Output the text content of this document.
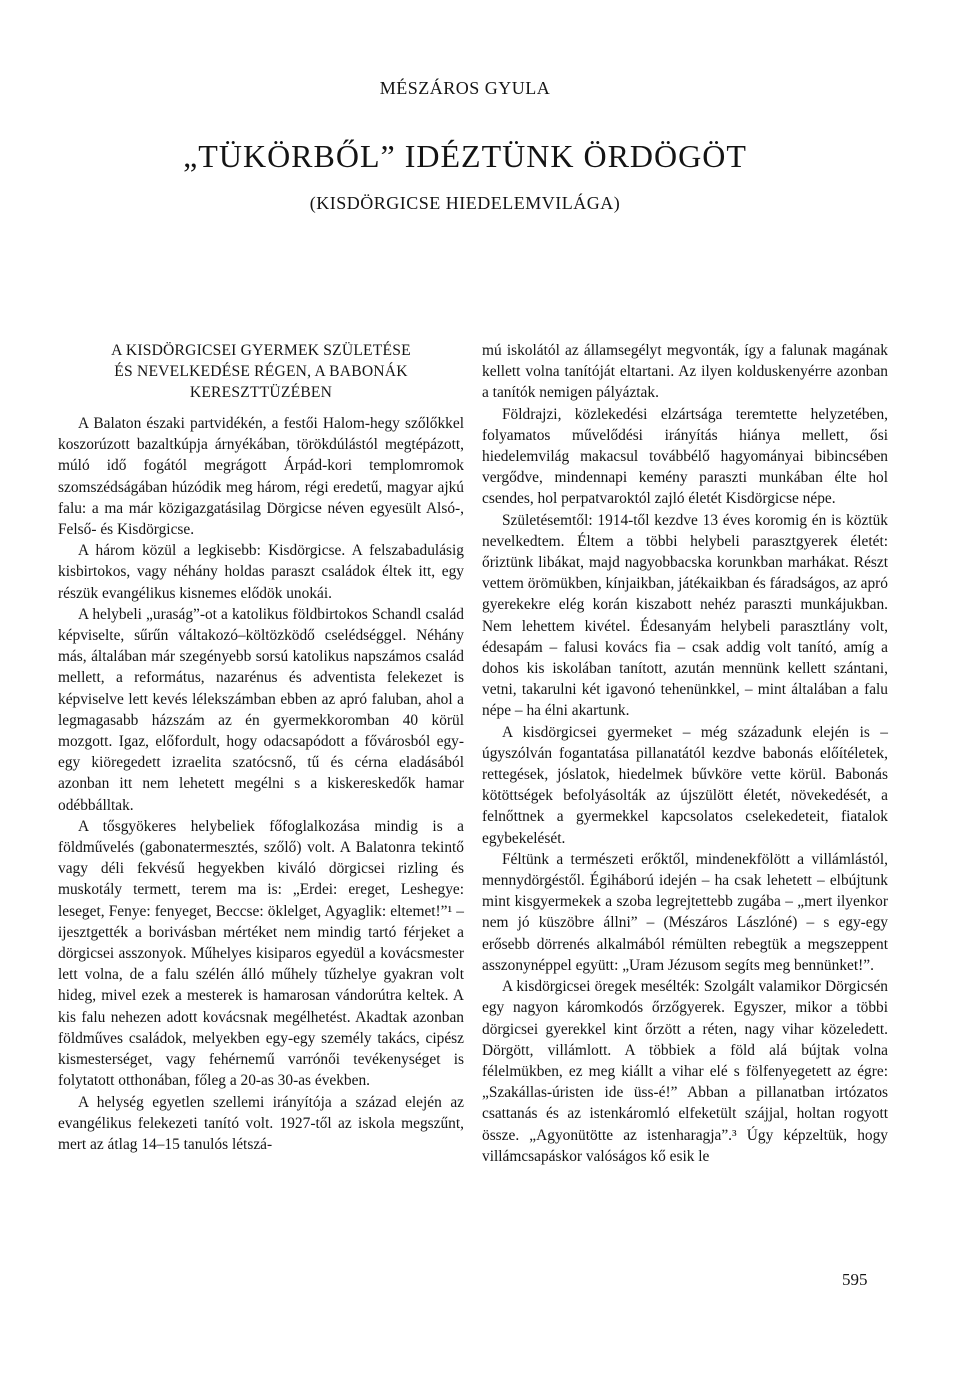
MÉSZÁROS GYULA
„TÜKÖRBŐL” IDÉZTÜNK ÖRDÖGÖT
(KISDÖRGICSE HIEDELEMVILÁGA)
A KISDÖRGICSEI GYERMEK SZÜLETÉSE
ÉS NEVELKEDÉSE RÉGEN, A BABONÁK
KERESZTTÜZÉBEN

A Balaton északi partvidékén, a festői Halom-hegy szőlőkkel koszorúzott bazaltkúpja árnyékában, törökdúlástól megtépázott, múló idő fogától megrágott Árpád-kori templomromok szomszédságában húzódik meg három, régi eredetű, magyar ajkú falu: a ma már közigazgatásilag Dörgicse néven egyesült Alsó-, Felső- és Kisdörgicse.

A három közül a legkisebb: Kisdörgicse. A felszabadulásig kisbirtokos, vagy néhány holdas paraszt családok éltek itt, egy részük evangélikus kisnemes elődök unokái.

A helybeli „uraság”-ot a katolikus földbirtokos Schandl család képviselte, sűrűn váltakozó–költözködő cselédséggel. Néhány más, általában már szegényebb sorsú katolikus napszámos család mellett, a református, nazarénus és adventista felekezet is képviselve lett kevés lélekszámban ebben az apró faluban, ahol a legmagasabb házszám az én gyermekkoromban 40 körül mozgott. Igaz, előfordult, hogy odacsapódott a fővárosból egy-egy kiöregedett izraelita szatócsnő, tű és cérna eladásából azonban itt nem lehetett megélni s a kiskereskedők hamar odébbálltak.

A tősgyökeres helybeliek főfoglalkozása mindig is a földművelés (gabonatermesztés, szőlő) volt. A Balatonra tekintő vagy déli fekvésű hegyekben kiváló dörgicsei rizling és muskotály termett, terem ma is: „Erdei: ereget, Leshegye: leseget, Fenye: fenyeget, Beccse: öklelget, Agyaglik: eltemet!”¹ – ijesztgették a borivásban mértéket nem mindig tartó férjeket a dörgicsei asszonyok. Műhelyes kisiparos egyedül a kovácsmester lett volna, de a falu szélén álló műhely tűzhelye gyakran volt hideg, mivel ezek a mesterek is hamarosan vándorútra keltek. A kis falu nehezen adott kovácsnak megélhetést. Akadtak azonban földműves családok, melyekben egy-egy személy takács, cipész kismesterséget, vagy fehérnemű varrónői tevékenységet is folytatott otthonában, főleg a 20-as 30-as években.

A helység egyetlen szellemi irányítója a század elején az evangélikus felekezeti tanító volt. 1927-től az iskola megszűnt, mert az átlag 14–15 tanulós létszá-

mú iskolától az államsegélyt megvonták, így a falunak magának kellett volna tanítóját eltartani. Az ilyen kolduskenyérre azonban a tanítók nemigen pályáztak.

Földrajzi, közlekedési elzártsága teremtette helyzetében, folyamatos művelődési irányítás hiánya mellett, ősi hiedelemvilág makacsul továbbélő hagyományai bibincsében vergődve, mindennapi kemény paraszti munkában élte hol csendes, hol perpatvaroktól zajló életét Kisdörgicse népe.

Születésemtől: 1914-től kezdve 13 éves koromig én is köztük nevelkedtem. Éltem a többi helybeli parasztgyerek életét: őriztünk libákat, majd nagyobbacska korunkban marhákat. Részt vettem örömükben, kínjaikban, játékaikban és fáradságos, az apró gyerekekre elég korán kiszabott nehéz paraszti munkájukban. Nem lehettem kivétel. Édesanyám helybeli parasztlány volt, édesapám – falusi kovács fia – csak addig volt tanító, amíg a dohos kis iskolában tanított, azután mennünk kellett szántani, vetni, takarulni két igavonó tehenünkkel, – mint általában a falu népe – ha élni akartunk.

A kisdörgicsei gyermeket – még századunk elején is – úgyszólván fogantatása pillanatától kezdve babonás előítéletek, rettegések, jóslatok, hiedelmek bűvköre vette körül. Babonás kötöttségek befolyásolták az újszülött életét, növekedését, a felnőttnek a gyermekkel kapcsolatos cselekedeteit, fiatalok egybekelését.

Féltünk a természeti erőktől, mindenekfölött a villámlástól, mennydörgéstől. Égiháború idején – ha csak lehetett – elbújtunk mint kisgyermekek a szoba legrejtettebb zugába – „mert ilyenkor nem jó küszöbre állni” – (Mészáros Lászlóné) – s egy-egy erősebb dörrenés alkalmából rémülten rebegtük a megszeppent asszonynéppel együtt: „Uram Jézusom segíts meg bennünket!”.

A kisdörgicsei öregek mesélték: Szolgált valamikor Dörgicsén egy nagyon káromkodós őrzőgyerek. Egyszer, mikor a többi dörgicsei gyerekkel kint őrzött a réten, nagy vihar közeledett. Dörgött, villámlott. A többiek a föld alá bújtak volna félelmükben, ez meg kiállt a vihar elé s fölfenyegetett az égre: „Szakállas-úristen ide üss-é!” Abban a pillanatban irtózatos csattanás és az istenkáromló elfeketült szájjal, holtan rogyott össze. „Agyonütötte az istenharagja”.³ Úgy képzeltük, hogy villámcsapáskor valóságos kő esik le

595
